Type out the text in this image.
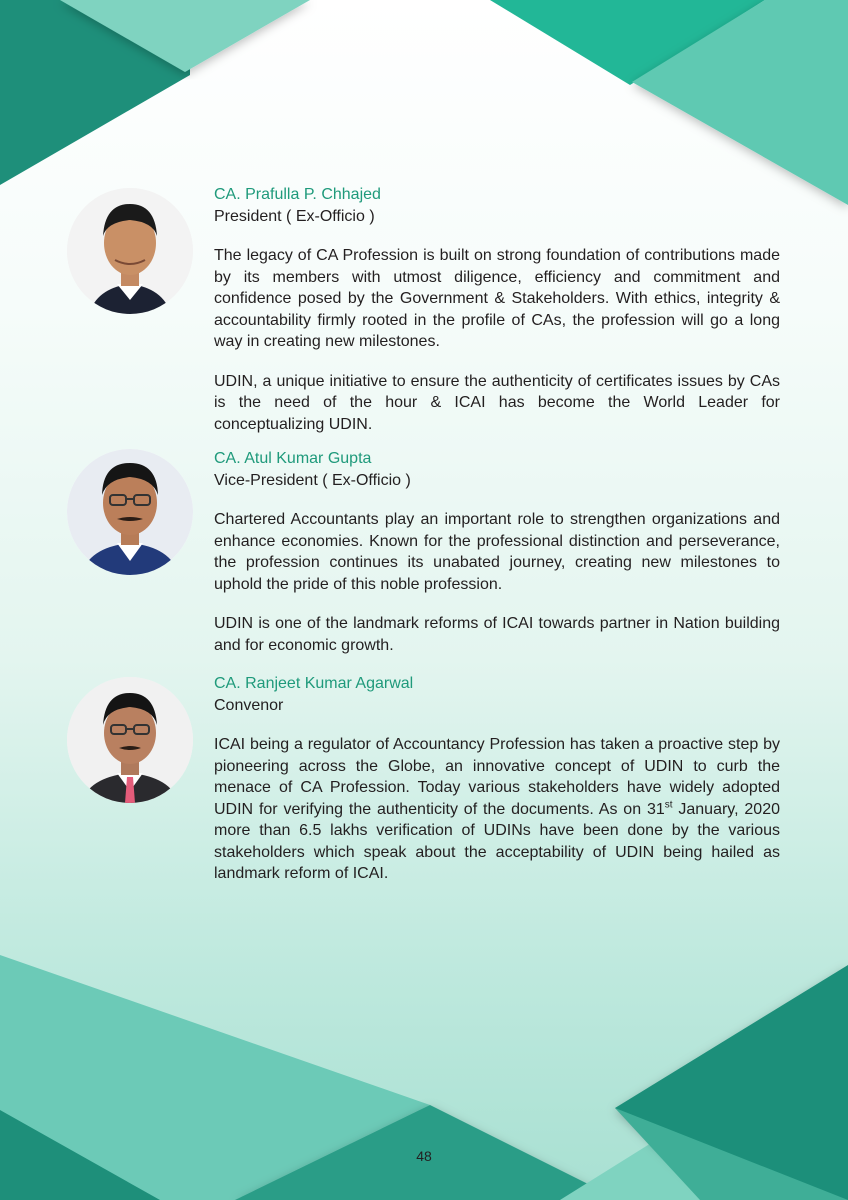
CA. Prafulla P. Chhajed

President ( Ex-Officio )

The legacy of CA Profession is built on strong foundation of contributions made by its members with utmost diligence, efficiency and commitment and confidence posed by the Government & Stakeholders. With ethics, integrity & accountability firmly rooted in the profile of CAs, the profession will go a long way in creating new milestones.

UDIN, a unique initiative to ensure the authenticity of certificates issues by CAs is the need of the hour & ICAI has become the World Leader for conceptualizing UDIN.

CA. Atul Kumar Gupta

Vice-President ( Ex-Officio )

Chartered Accountants play an important role to strengthen organizations and enhance economies. Known for the professional distinction and perseverance, the profession continues its unabated journey, creating new milestones to uphold the pride of this noble profession.

UDIN is one of the landmark reforms of ICAI towards partner in Nation building and for economic growth.

CA. Ranjeet Kumar Agarwal

Convenor

ICAI being a regulator of Accountancy Profession has taken a proactive step by pioneering across the Globe, an innovative concept of UDIN to curb the menace of CA Profession. Today various stakeholders have widely adopted UDIN for verifying the authenticity of the documents. As on 31st January, 2020 more than 6.5 lakhs verification of UDINs have been done by the various stakeholders which speak about the acceptability of UDIN being hailed as landmark reform of ICAI.

48
